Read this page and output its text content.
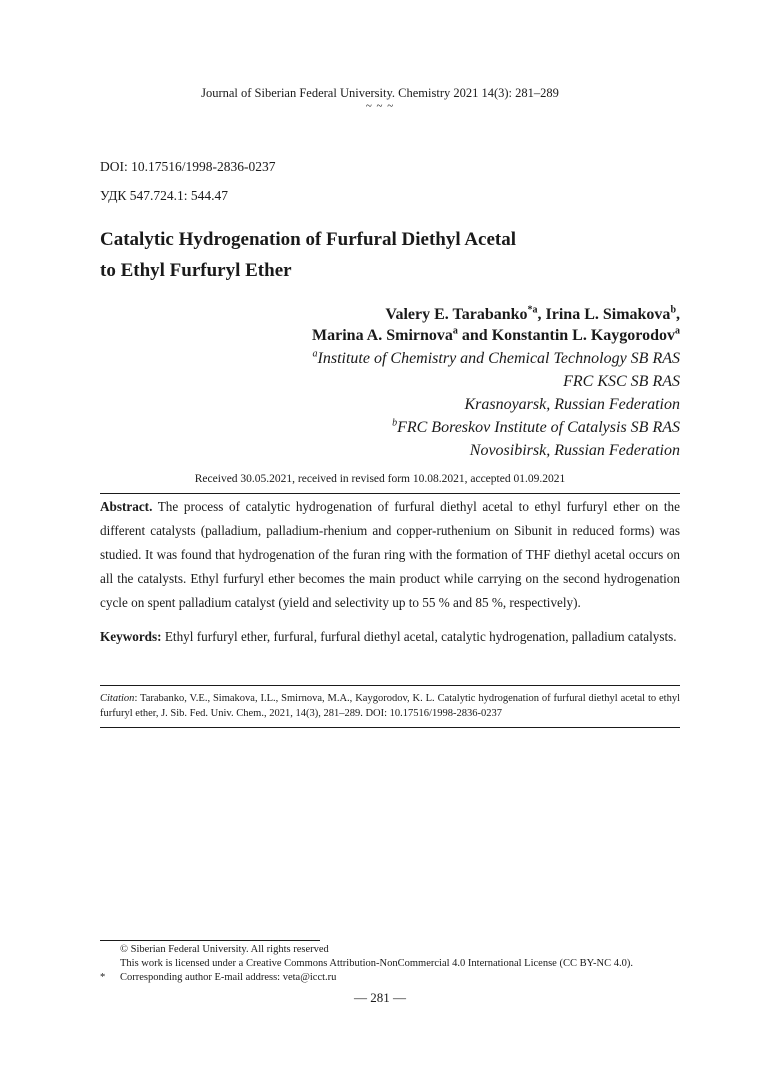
Journal of Siberian Federal University. Chemistry 2021 14(3): 281–289
~ ~ ~
DOI: 10.17516/1998-2836-0237
УДК 547.724.1: 544.47
Catalytic Hydrogenation of Furfural Diethyl Acetal
to Ethyl Furfuryl Ether
Valery E. Tarabanko$^{*a}$, Irina L. Simakova$^b$,
Marina A. Smirnova$^a$ and Konstantin L. Kaygorodov$^a$
$^a$Institute of Chemistry and Chemical Technology SB RAS
FRC KSC SB RAS
Krasnoyarsk, Russian Federation
$^b$FRC Boreskov Institute of Catalysis SB RAS
Novosibirsk, Russian Federation
Received 30.05.2021, received in revised form 10.08.2021, accepted 01.09.2021
Abstract. The process of catalytic hydrogenation of furfural diethyl acetal to ethyl furfuryl ether on the different catalysts (palladium, palladium-rhenium and copper-ruthenium on Sibunit in reduced forms) was studied. It was found that hydrogenation of the furan ring with the formation of THF diethyl acetal occurs on all the catalysts. Ethyl furfuryl ether becomes the main product while carrying on the second hydrogenation cycle on spent palladium catalyst (yield and selectivity up to 55 % and 85 %, respectively).
Keywords: Ethyl furfuryl ether, furfural, furfural diethyl acetal, catalytic hydrogenation, palladium catalysts.
Citation: Tarabanko, V.E., Simakova, I.L., Smirnova, M.A., Kaygorodov, K. L. Catalytic hydrogenation of furfural diethyl acetal to ethyl furfuryl ether, J. Sib. Fed. Univ. Chem., 2021, 14(3), 281–289. DOI: 10.17516/1998-2836-0237
© Siberian Federal University. All rights reserved
This work is licensed under a Creative Commons Attribution-NonCommercial 4.0 International License (CC BY-NC 4.0).
* Corresponding author E-mail address: veta@icct.ru
— 281 —
